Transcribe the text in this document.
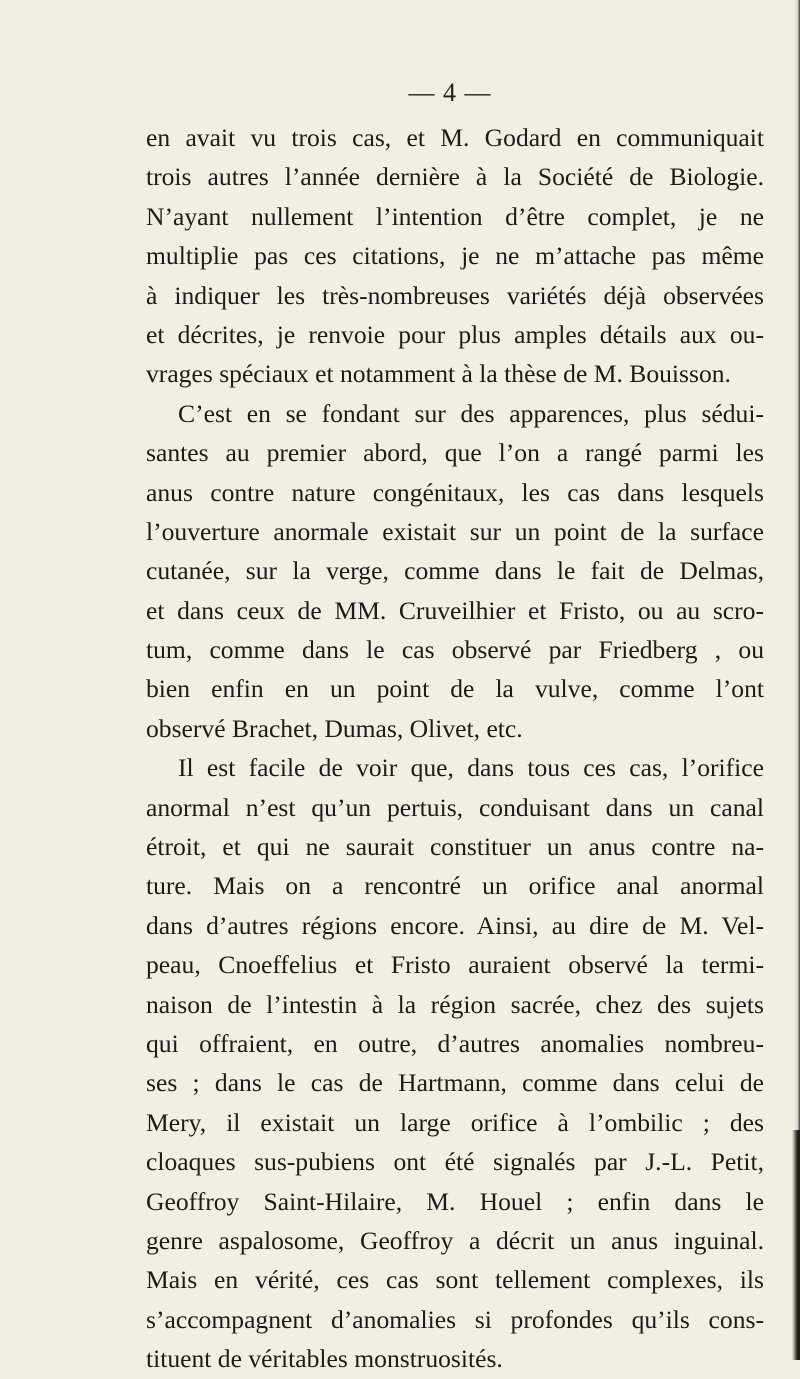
— 4 —
en avait vu trois cas, et M. Godard en communiquait
trois autres l’année dernière à la Société de Biologie.
N’ayant nullement l’intention d’être complet, je ne
multiplie pas ces citations, je ne m’attache pas même
à indiquer les très-nombreuses variétés déjà observées
et décrites, je renvoie pour plus amples détails aux ou-
vrages spéciaux et notamment à la thèse de M. Bouisson.
C’est en se fondant sur des apparences, plus sédui-
santes au premier abord, que l’on a rangé parmi les
anus contre nature congénitaux, les cas dans lesquels
l’ouverture anormale existait sur un point de la surface
cutanée, sur la verge, comme dans le fait de Delmas,
et dans ceux de MM. Cruveilhier et Fristo, ou au scro-
tum, comme dans le cas observé par Friedberg , ou
bien enfin en un point de la vulve, comme l’ont
observé Brachet, Dumas, Olivet, etc.
Il est facile de voir que, dans tous ces cas, l’orifice
anormal n’est qu’un pertuis, conduisant dans un canal
étroit, et qui ne saurait constituer un anus contre na-
ture. Mais on a rencontré un orifice anal anormal
dans d’autres régions encore. Ainsi, au dire de M. Vel-
peau, Cnoeffelius et Fristo auraient observé la termi-
naison de l’intestin à la région sacrée, chez des sujets
qui offraient, en outre, d’autres anomalies nombreu-
ses ; dans le cas de Hartmann, comme dans celui de
Mery, il existait un large orifice à l’ombilic ; des
cloaques sus-pubiens ont été signalés par J.-L. Petit,
Geoffroy Saint-Hilaire, M. Houel ; enfin dans le
genre aspalosome, Geoffroy a décrit un anus inguinal.
Mais en vérité, ces cas sont tellement complexes, ils
s’accompagnent d’anomalies si profondes qu’ils cons-
tituent de véritables monstruosités.
